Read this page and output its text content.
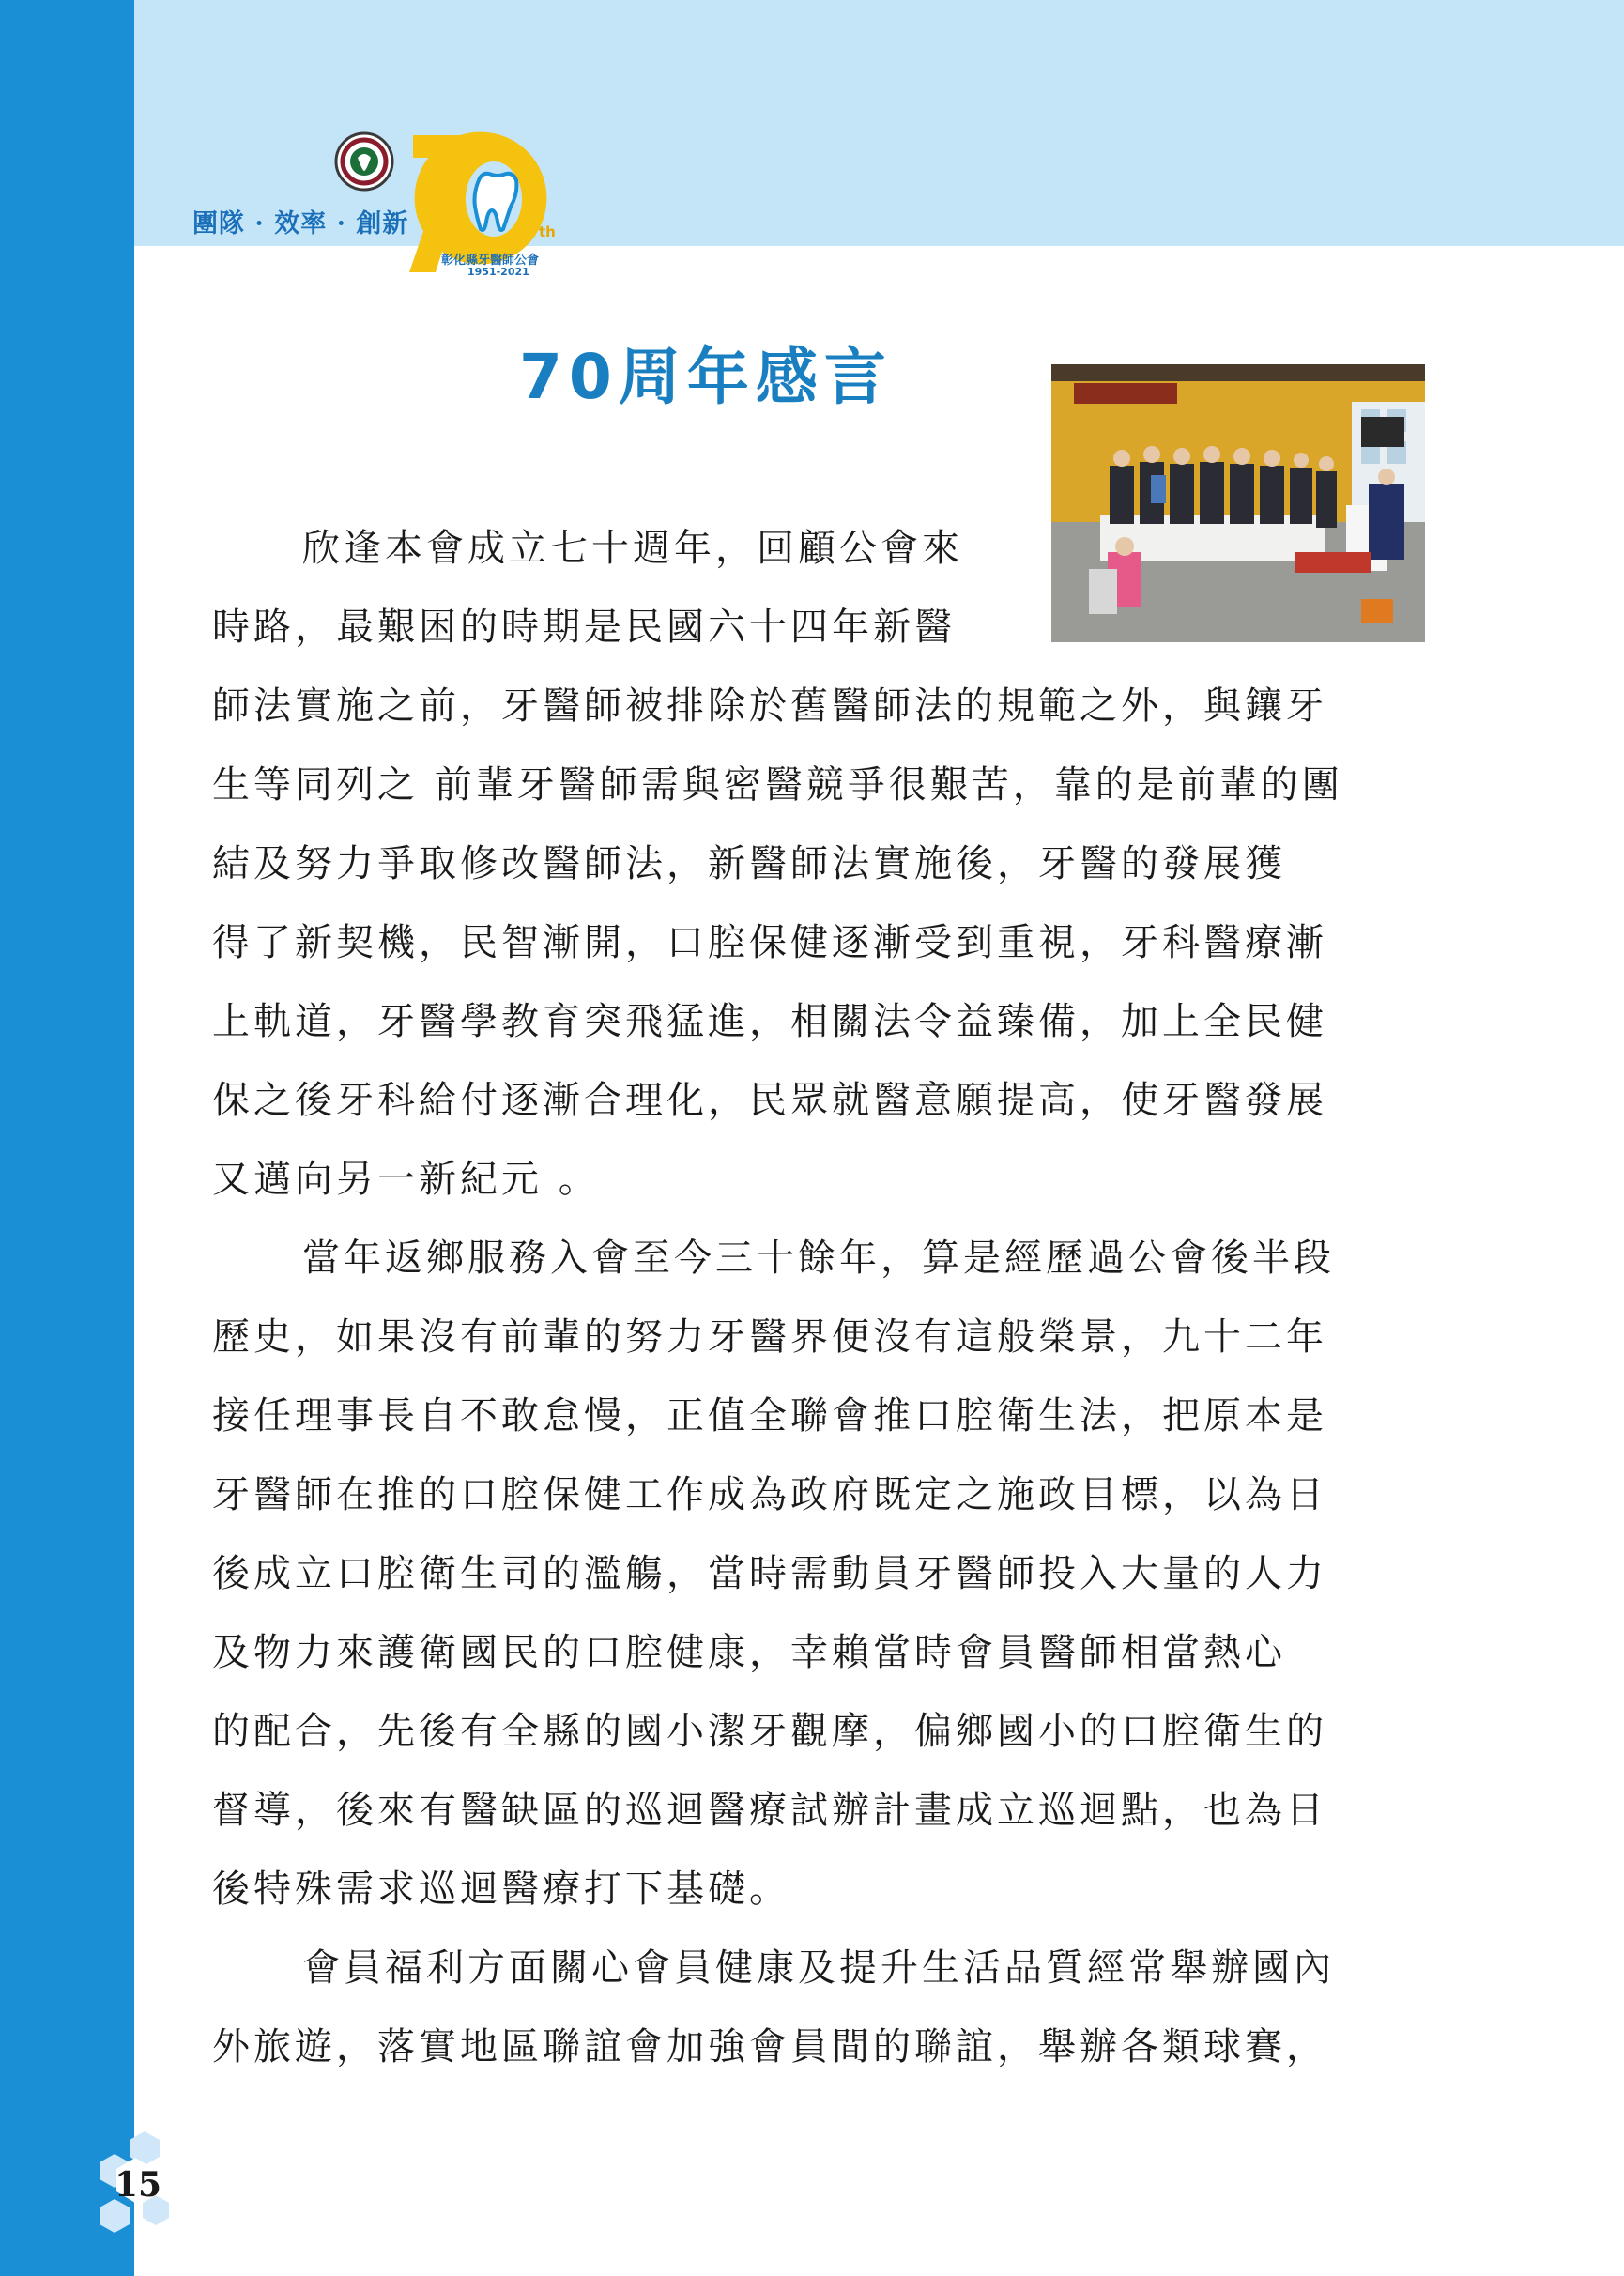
團隊 · 效率 · 創新	th
彰化縣牙醫師公會
1951-2021
70周年感言

欣逢本會成立七十週年，回顧公會來
時路，最艱困的時期是民國六十四年新醫
師法實施之前，牙醫師被排除於舊醫師法的規範之外，與鑲牙
生等同列之 前輩牙醫師需與密醫競爭很艱苦，靠的是前輩的團
結及努力爭取修改醫師法，新醫師法實施後，牙醫的發展獲
得了新契機，民智漸開，口腔保健逐漸受到重視，牙科醫療漸
上軌道，牙醫學教育突飛猛進，相關法令益臻備，加上全民健
保之後牙科給付逐漸合理化，民眾就醫意願提高，使牙醫發展
又邁向另一新紀元 。

當年返鄉服務入會至今三十餘年，算是經歷過公會後半段
歷史，如果沒有前輩的努力牙醫界便沒有這般榮景，九十二年
接任理事長自不敢怠慢，正值全聯會推口腔衛生法，把原本是
牙醫師在推的口腔保健工作成為政府既定之施政目標，以為日
後成立口腔衛生司的濫觴，當時需動員牙醫師投入大量的人力
及物力來護衛國民的口腔健康，幸賴當時會員醫師相當熱心
的配合，先後有全縣的國小潔牙觀摩，偏鄉國小的口腔衛生的
督導，後來有醫缺區的巡迴醫療試辦計畫成立巡迴點，也為日
後特殊需求巡迴醫療打下基礎。

會員福利方面關心會員健康及提升生活品質經常舉辦國內
外旅遊，落實地區聯誼會加強會員間的聯誼，舉辦各類球賽，

15
